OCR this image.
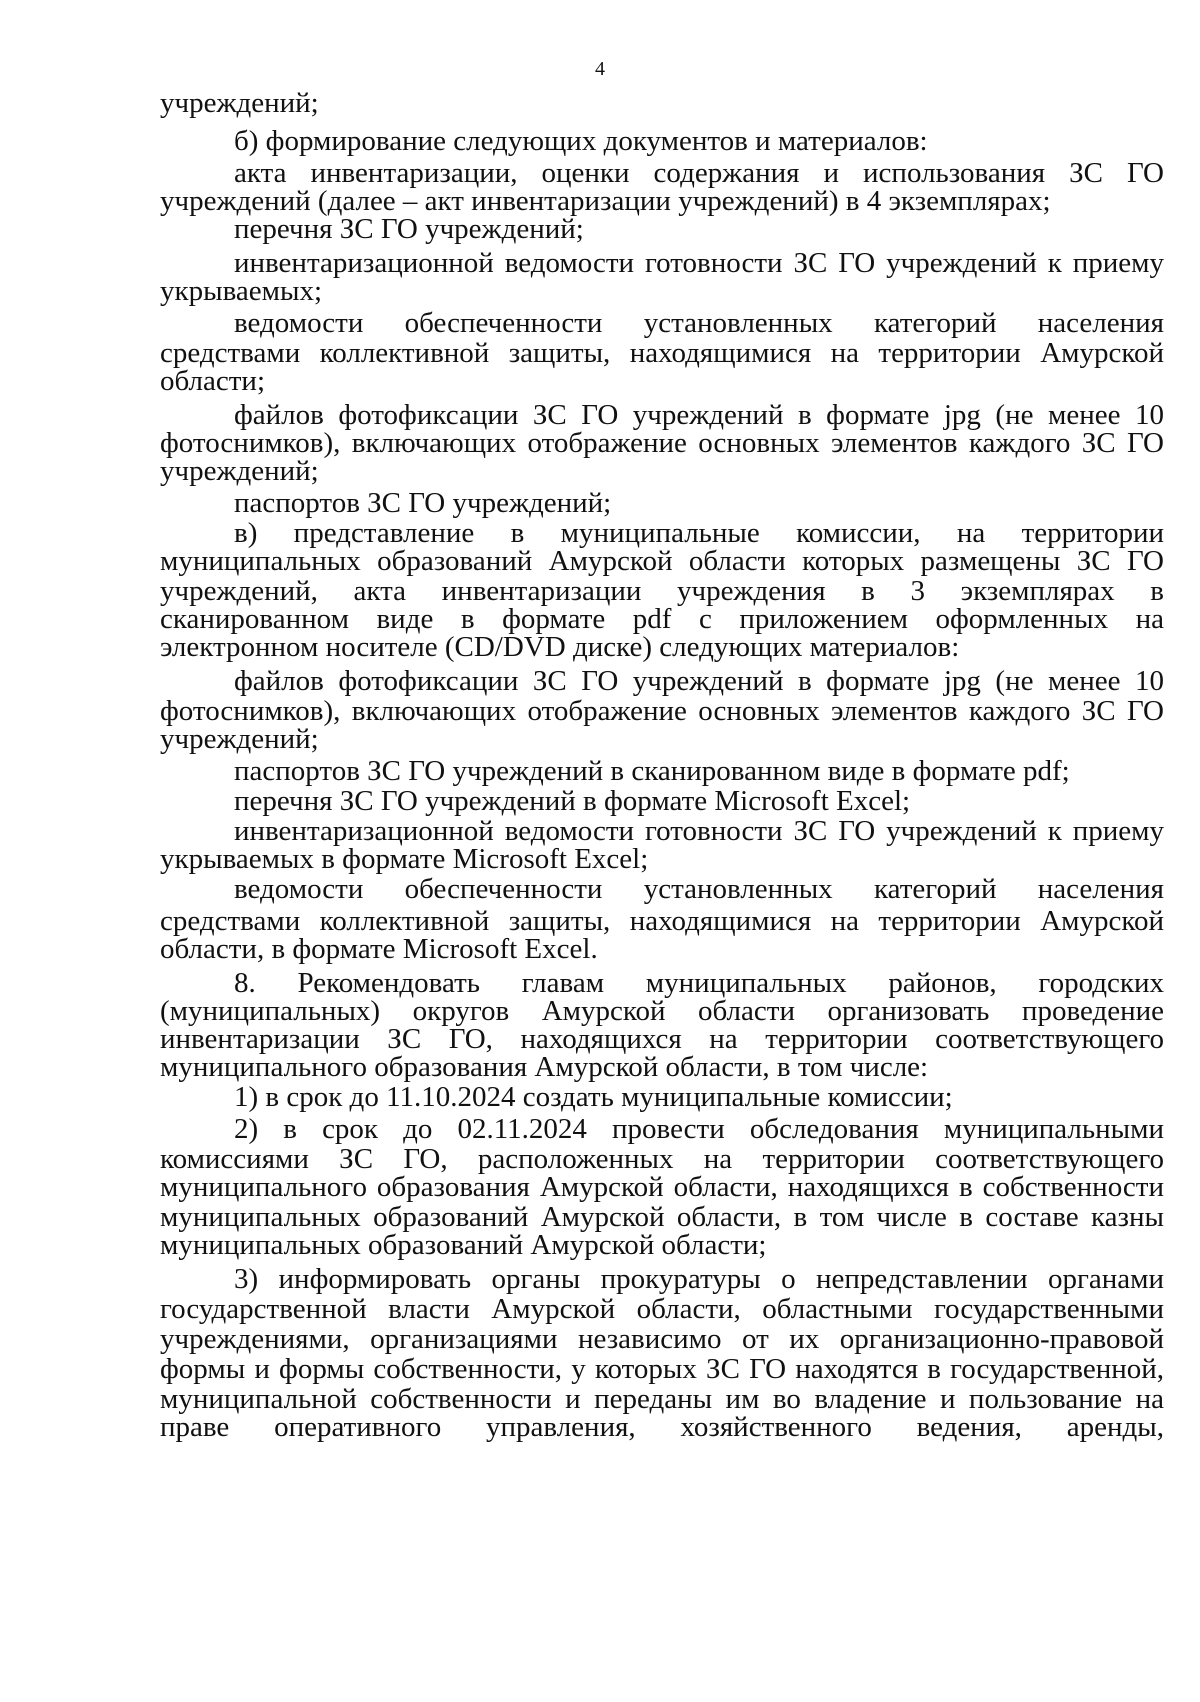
4
учреждений;
б) формирование следующих документов и материалов:
акта инвентаризации, оценки содержания и использования ЗС ГО
учреждений (далее – акт инвентаризации учреждений) в 4 экземплярах;
перечня ЗС ГО учреждений;
инвентаризационной ведомости готовности ЗС ГО учреждений к приему
укрываемых;
ведомости обеспеченности установленных категорий населения
средствами коллективной защиты, находящимися на территории Амурской
области;
файлов фотофиксации ЗС ГО учреждений в формате jpg (не менее 10
фотоснимков), включающих отображение основных элементов каждого ЗС ГО
учреждений;
паспортов ЗС ГО учреждений;
в) представление в муниципальные комиссии, на территории
муниципальных образований Амурской области которых размещены ЗС ГО
учреждений, акта инвентаризации учреждения в 3 экземплярах в
сканированном виде в формате pdf с приложением оформленных на
электронном носителе (CD/DVD диске) следующих материалов:
файлов фотофиксации ЗС ГО учреждений в формате jpg (не менее 10
фотоснимков), включающих отображение основных элементов каждого ЗС ГО
учреждений;
паспортов ЗС ГО учреждений в сканированном виде в формате pdf;
перечня ЗС ГО учреждений в формате Microsoft Excel;
инвентаризационной ведомости готовности ЗС ГО учреждений к приему
укрываемых в формате Microsoft Excel;
ведомости обеспеченности установленных категорий населения
средствами коллективной защиты, находящимися на территории Амурской
области, в формате Microsoft Excel.
8. Рекомендовать главам муниципальных районов, городских
(муниципальных) округов Амурской области организовать проведение
инвентаризации ЗС ГО, находящихся на территории соответствующего
муниципального образования Амурской области, в том числе:
1) в срок до 11.10.2024 создать муниципальные комиссии;
2) в срок до 02.11.2024 провести обследования муниципальными
комиссиями ЗС ГО, расположенных на территории соответствующего
муниципального образования Амурской области, находящихся в собственности
муниципальных образований Амурской области, в том числе в составе казны
муниципальных образований Амурской области;
3) информировать органы прокуратуры о непредставлении органами
государственной власти Амурской области, областными государственными
учреждениями, организациями независимо от их организационно-правовой
формы и формы собственности, у которых ЗС ГО находятся в государственной,
муниципальной собственности и переданы им во владение и пользование на
праве оперативного управления, хозяйственного ведения, аренды,
